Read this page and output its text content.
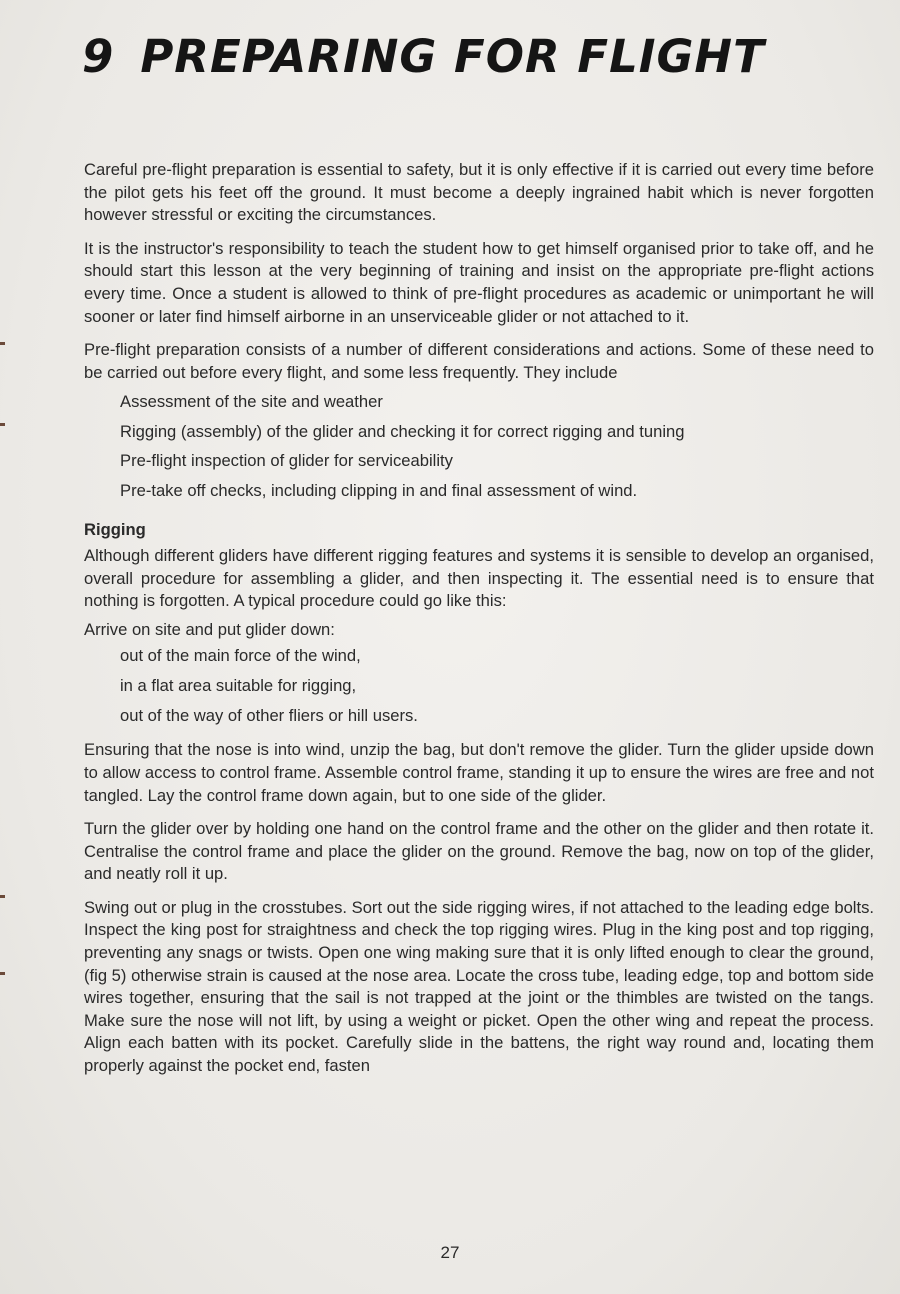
9 PREPARING FOR FLIGHT

Careful pre-flight preparation is essential to safety, but it is only effective if it is carried out every time before the pilot gets his feet off the ground. It must become a deeply ingrained habit which is never forgotten however stressful or exciting the circumstances.

It is the instructor's responsibility to teach the student how to get himself organised prior to take off, and he should start this lesson at the very beginning of training and insist on the appropriate pre-flight actions every time. Once a student is allowed to think of pre-flight procedures as academic or unimportant he will sooner or later find himself airborne in an unserviceable glider or not attached to it.

Pre-flight preparation consists of a number of different considerations and actions. Some of these need to be carried out before every flight, and some less frequently. They include

Assessment of the site and weather
Rigging (assembly) of the glider and checking it for correct rigging and tuning
Pre-flight inspection of glider for serviceability
Pre-take off checks, including clipping in and final assessment of wind.
Rigging

Although different gliders have different rigging features and systems it is sensible to develop an organised, overall procedure for assembling a glider, and then inspecting it. The essential need is to ensure that nothing is forgotten. A typical procedure could go like this:

Arrive on site and put glider down:

out of the main force of the wind,
in a flat area suitable for rigging,
out of the way of other fliers or hill users.

Ensuring that the nose is into wind, unzip the bag, but don't remove the glider. Turn the glider upside down to allow access to control frame. Assemble control frame, standing it up to ensure the wires are free and not tangled. Lay the control frame down again, but to one side of the glider.

Turn the glider over by holding one hand on the control frame and the other on the glider and then rotate it. Centralise the control frame and place the glider on the ground. Remove the bag, now on top of the glider, and neatly roll it up.

Swing out or plug in the crosstubes. Sort out the side rigging wires, if not attached to the leading edge bolts. Inspect the king post for straightness and check the top rigging wires. Plug in the king post and top rigging, preventing any snags or twists. Open one wing making sure that it is only lifted enough to clear the ground, (fig 5) otherwise strain is caused at the nose area. Locate the cross tube, leading edge, top and bottom side wires together, ensuring that the sail is not trapped at the joint or the thimbles are twisted on the tangs. Make sure the nose will not lift, by using a weight or picket. Open the other wing and repeat the process. Align each batten with its pocket. Carefully slide in the battens, the right way round and, locating them properly against the pocket end, fasten

27
